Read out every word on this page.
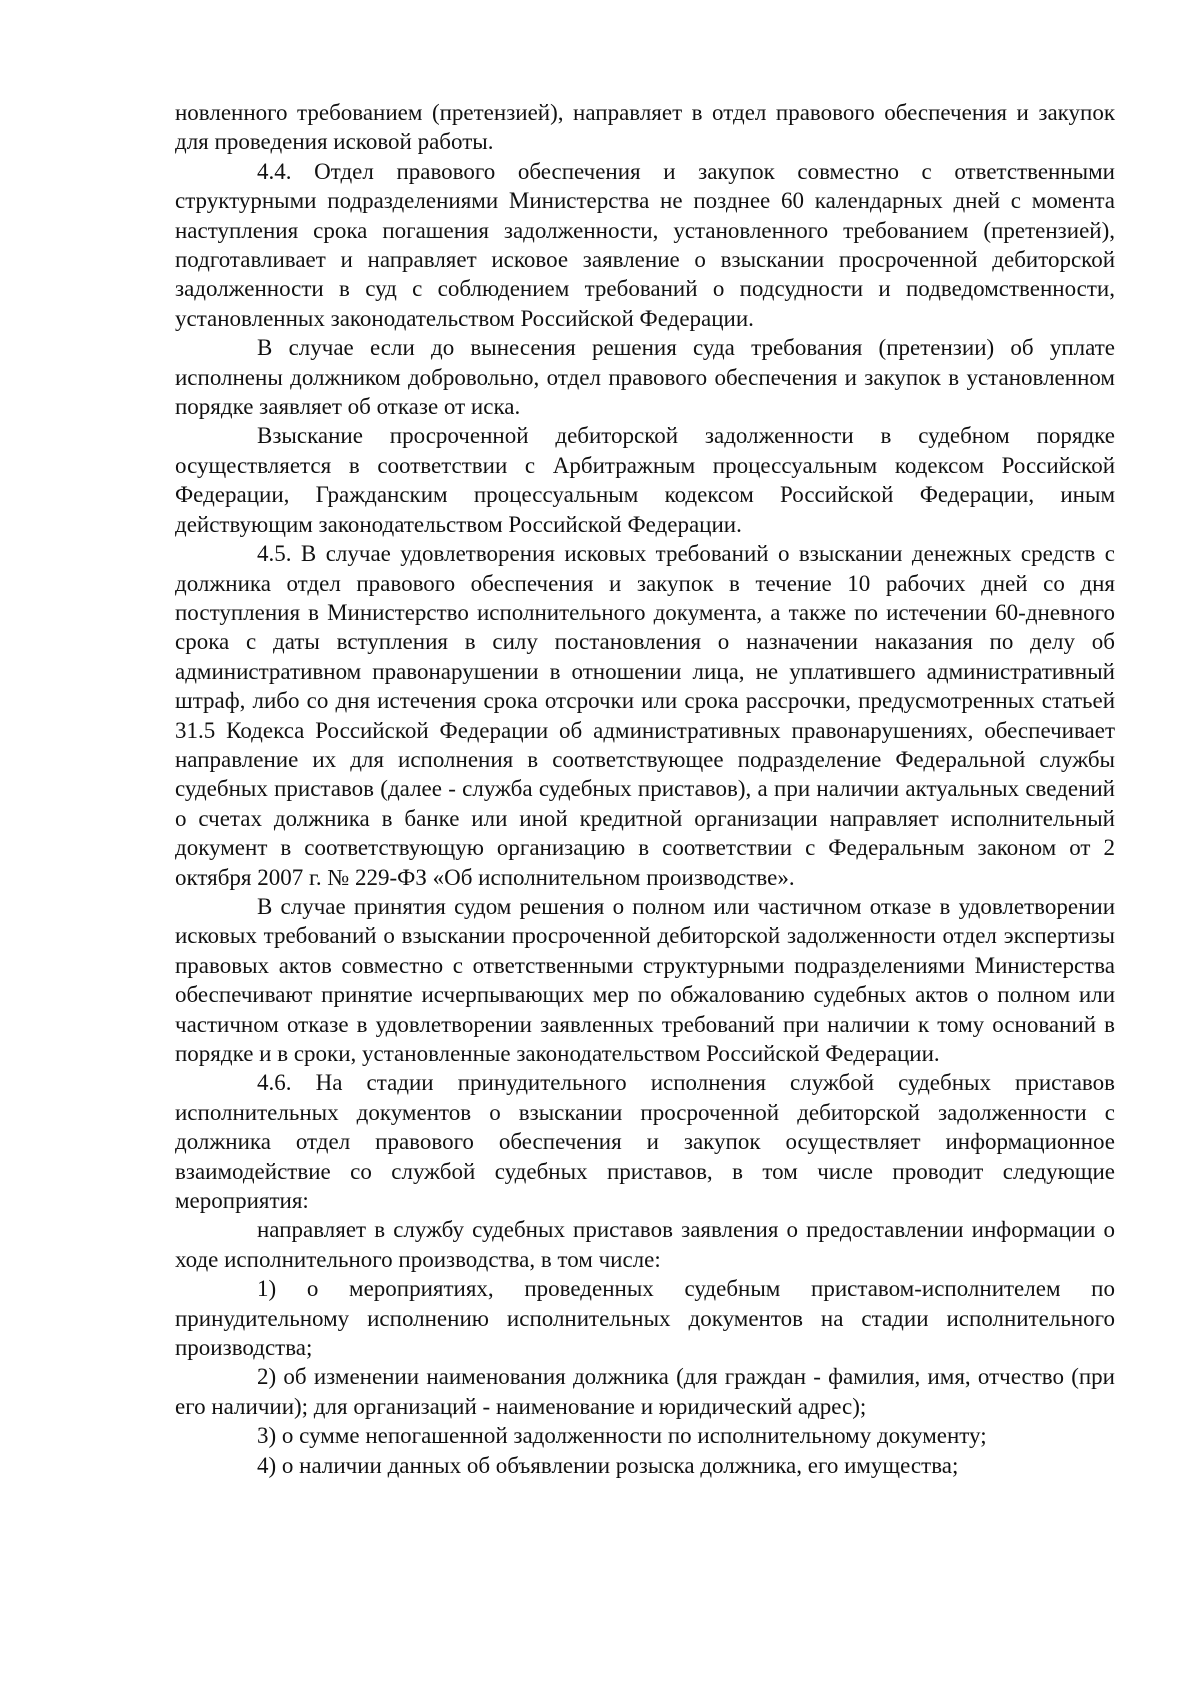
новленного требованием (претензией), направляет в отдел правового обеспечения и закупок для проведения исковой работы.

4.4. Отдел правового обеспечения и закупок совместно с ответственными структурными подразделениями Министерства не позднее 60 календарных дней с момента наступления срока погашения задолженности, установленного требованием (претензией), подготавливает и направляет исковое заявление о взыскании просроченной дебиторской задолженности в суд с соблюдением требований о подсудности и подведомственности, установленных законодательством Российской Федерации.

В случае если до вынесения решения суда требования (претензии) об уплате исполнены должником добровольно, отдел правового обеспечения и закупок в установленном порядке заявляет об отказе от иска.

Взыскание просроченной дебиторской задолженности в судебном порядке осуществляется в соответствии с Арбитражным процессуальным кодексом Российской Федерации, Гражданским процессуальным кодексом Российской Федерации, иным действующим законодательством Российской Федерации.

4.5. В случае удовлетворения исковых требований о взыскании денежных средств с должника отдел правового обеспечения и закупок в течение 10 рабочих дней со дня поступления в Министерство исполнительного документа, а также по истечении 60-дневного срока с даты вступления в силу постановления о назначении наказания по делу об административном правонарушении в отношении лица, не уплатившего административный штраф, либо со дня истечения срока отсрочки или срока рассрочки, предусмотренных статьей 31.5 Кодекса Российской Федерации об административных правонарушениях, обеспечивает направление их для исполнения в соответствующее подразделение Федеральной службы судебных приставов (далее - служба судебных приставов), а при наличии актуальных сведений о счетах должника в банке или иной кредитной организации направляет исполнительный документ в соответствующую организацию в соответствии с Федеральным законом от 2 октября 2007 г. № 229-ФЗ «Об исполнительном производстве».

В случае принятия судом решения о полном или частичном отказе в удовлетворении исковых требований о взыскании просроченной дебиторской задолженности отдел экспертизы правовых актов совместно с ответственными структурными подразделениями Министерства обеспечивают принятие исчерпывающих мер по обжалованию судебных актов о полном или частичном отказе в удовлетворении заявленных требований при наличии к тому оснований в порядке и в сроки, установленные законодательством Российской Федерации.

4.6. На стадии принудительного исполнения службой судебных приставов исполнительных документов о взыскании просроченной дебиторской задолженности с должника отдел правового обеспечения и закупок осуществляет информационное взаимодействие со службой судебных приставов, в том числе проводит следующие мероприятия:

направляет в службу судебных приставов заявления о предоставлении информации о ходе исполнительного производства, в том числе:

1) о мероприятиях, проведенных судебным приставом-исполнителем по принудительному исполнению исполнительных документов на стадии исполнительного производства;

2) об изменении наименования должника (для граждан - фамилия, имя, отчество (при его наличии); для организаций - наименование и юридический адрес);

3) о сумме непогашенной задолженности по исполнительному документу;

4) о наличии данных об объявлении розыска должника, его имущества;
